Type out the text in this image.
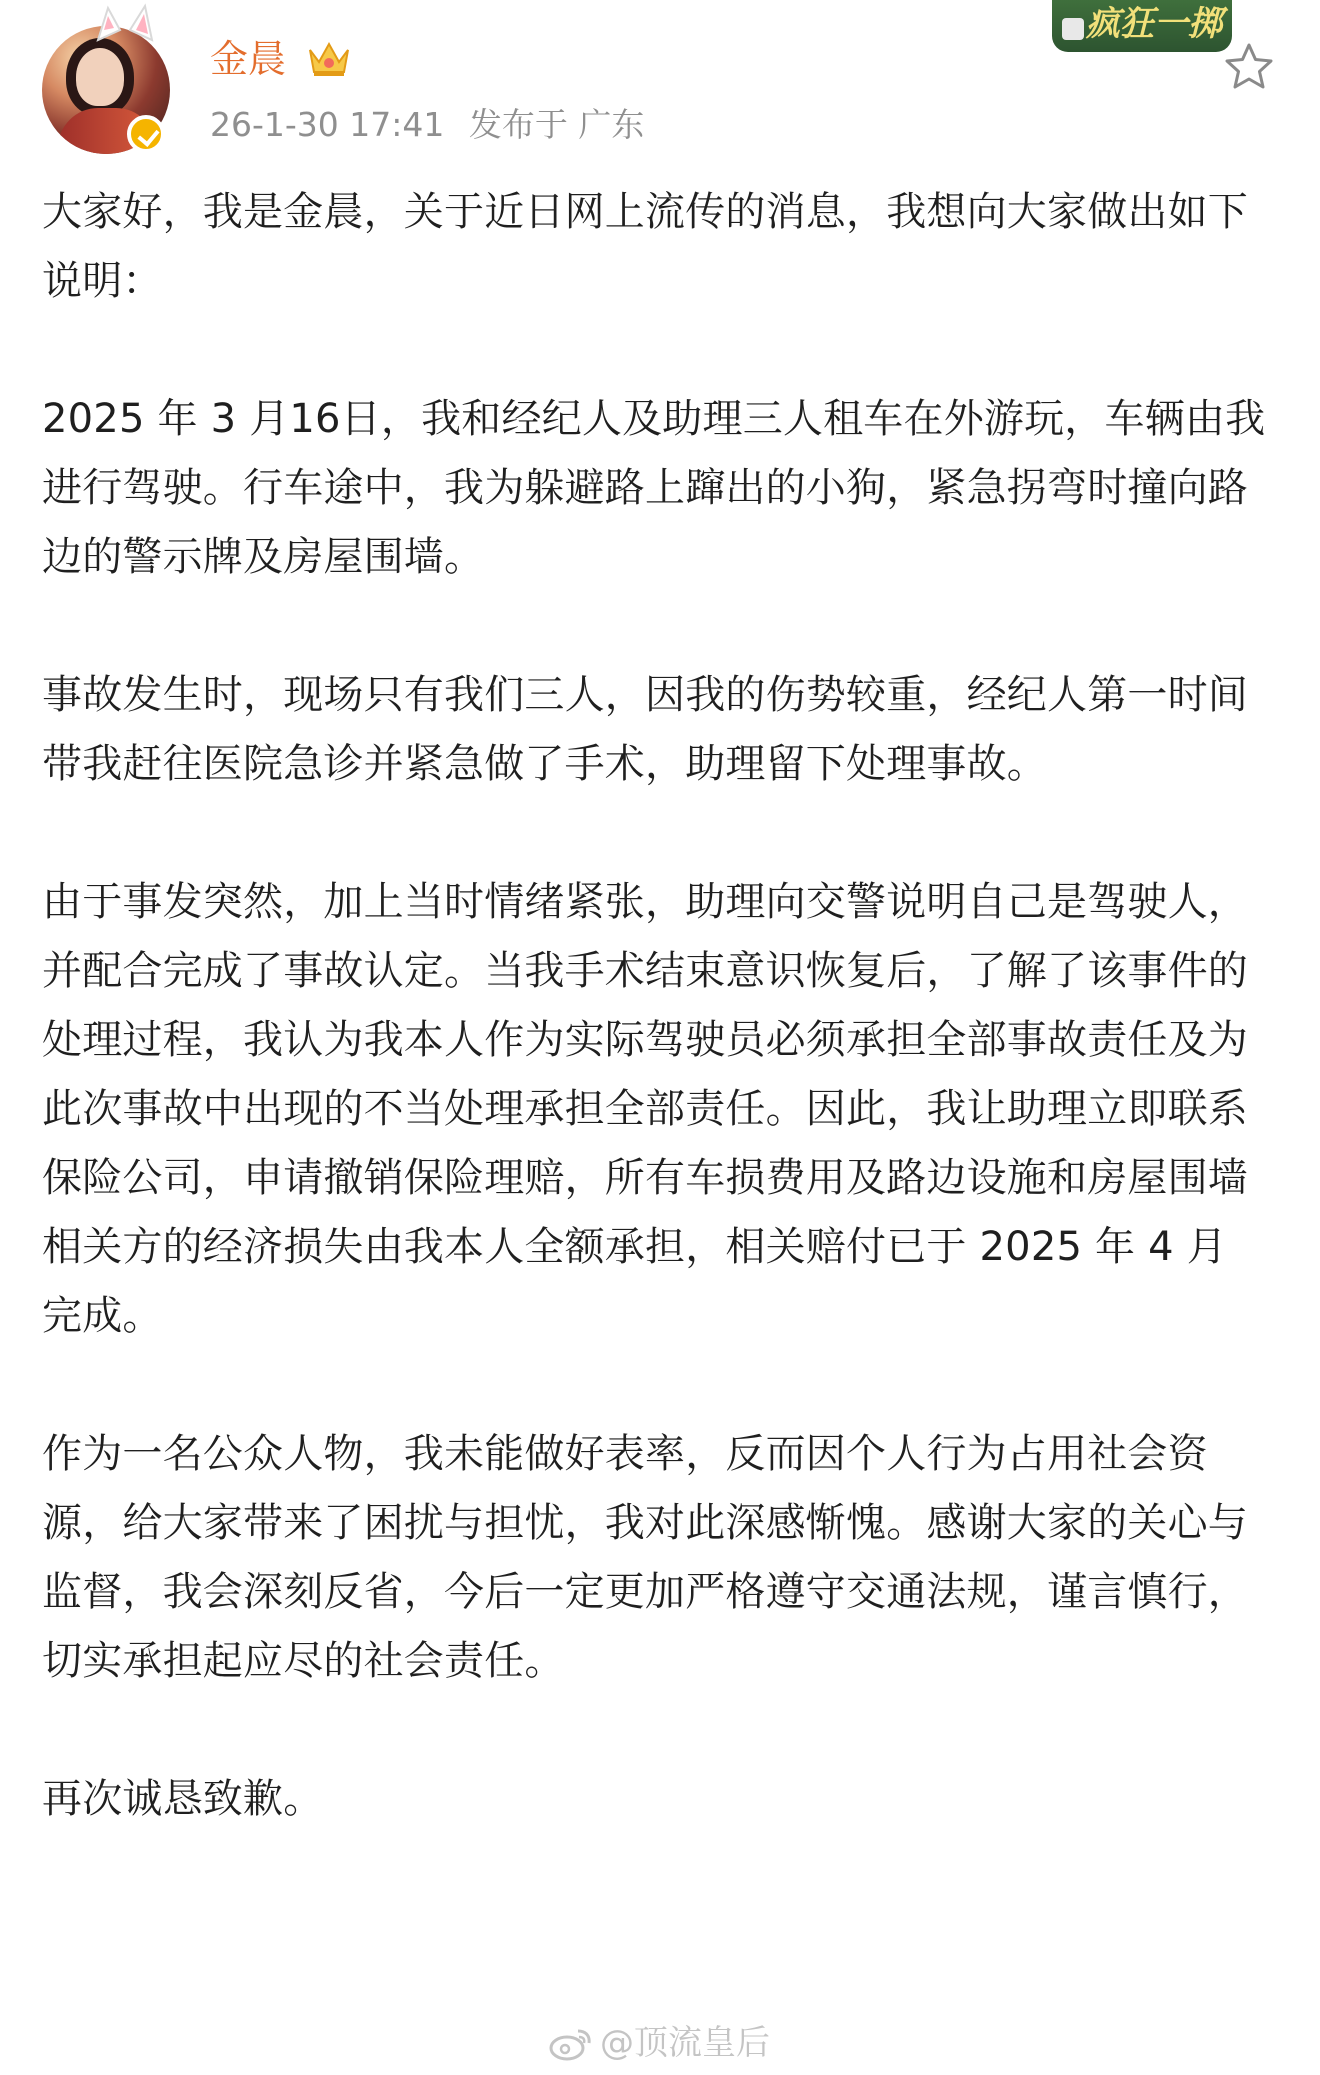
金晨
26-1-30 17:41 发布于 广东
疯狂一掷

大家好，我是金晨，关于近日网上流传的消息，我想向大家做出如下说明：

2025 年 3 月16日，我和经纪人及助理三人租车在外游玩，车辆由我进行驾驶。行车途中，我为躲避路上蹿出的小狗，紧急拐弯时撞向路边的警示牌及房屋围墙。

事故发生时，现场只有我们三人，因我的伤势较重，经纪人第一时间带我赶往医院急诊并紧急做了手术，助理留下处理事故。

由于事发突然，加上当时情绪紧张，助理向交警说明自己是驾驶人，并配合完成了事故认定。当我手术结束意识恢复后，了解了该事件的处理过程，我认为我本人作为实际驾驶员必须承担全部事故责任及为此次事故中出现的不当处理承担全部责任。因此，我让助理立即联系保险公司，申请撤销保险理赔，所有车损费用及路边设施和房屋围墙相关方的经济损失由我本人全额承担，相关赔付已于 2025 年 4 月完成。

作为一名公众人物，我未能做好表率，反而因个人行为占用社会资源，给大家带来了困扰与担忧，我对此深感惭愧。感谢大家的关心与监督，我会深刻反省，今后一定更加严格遵守交通法规，谨言慎行，切实承担起应尽的社会责任。

再次诚恳致歉。

@顶流皇后
